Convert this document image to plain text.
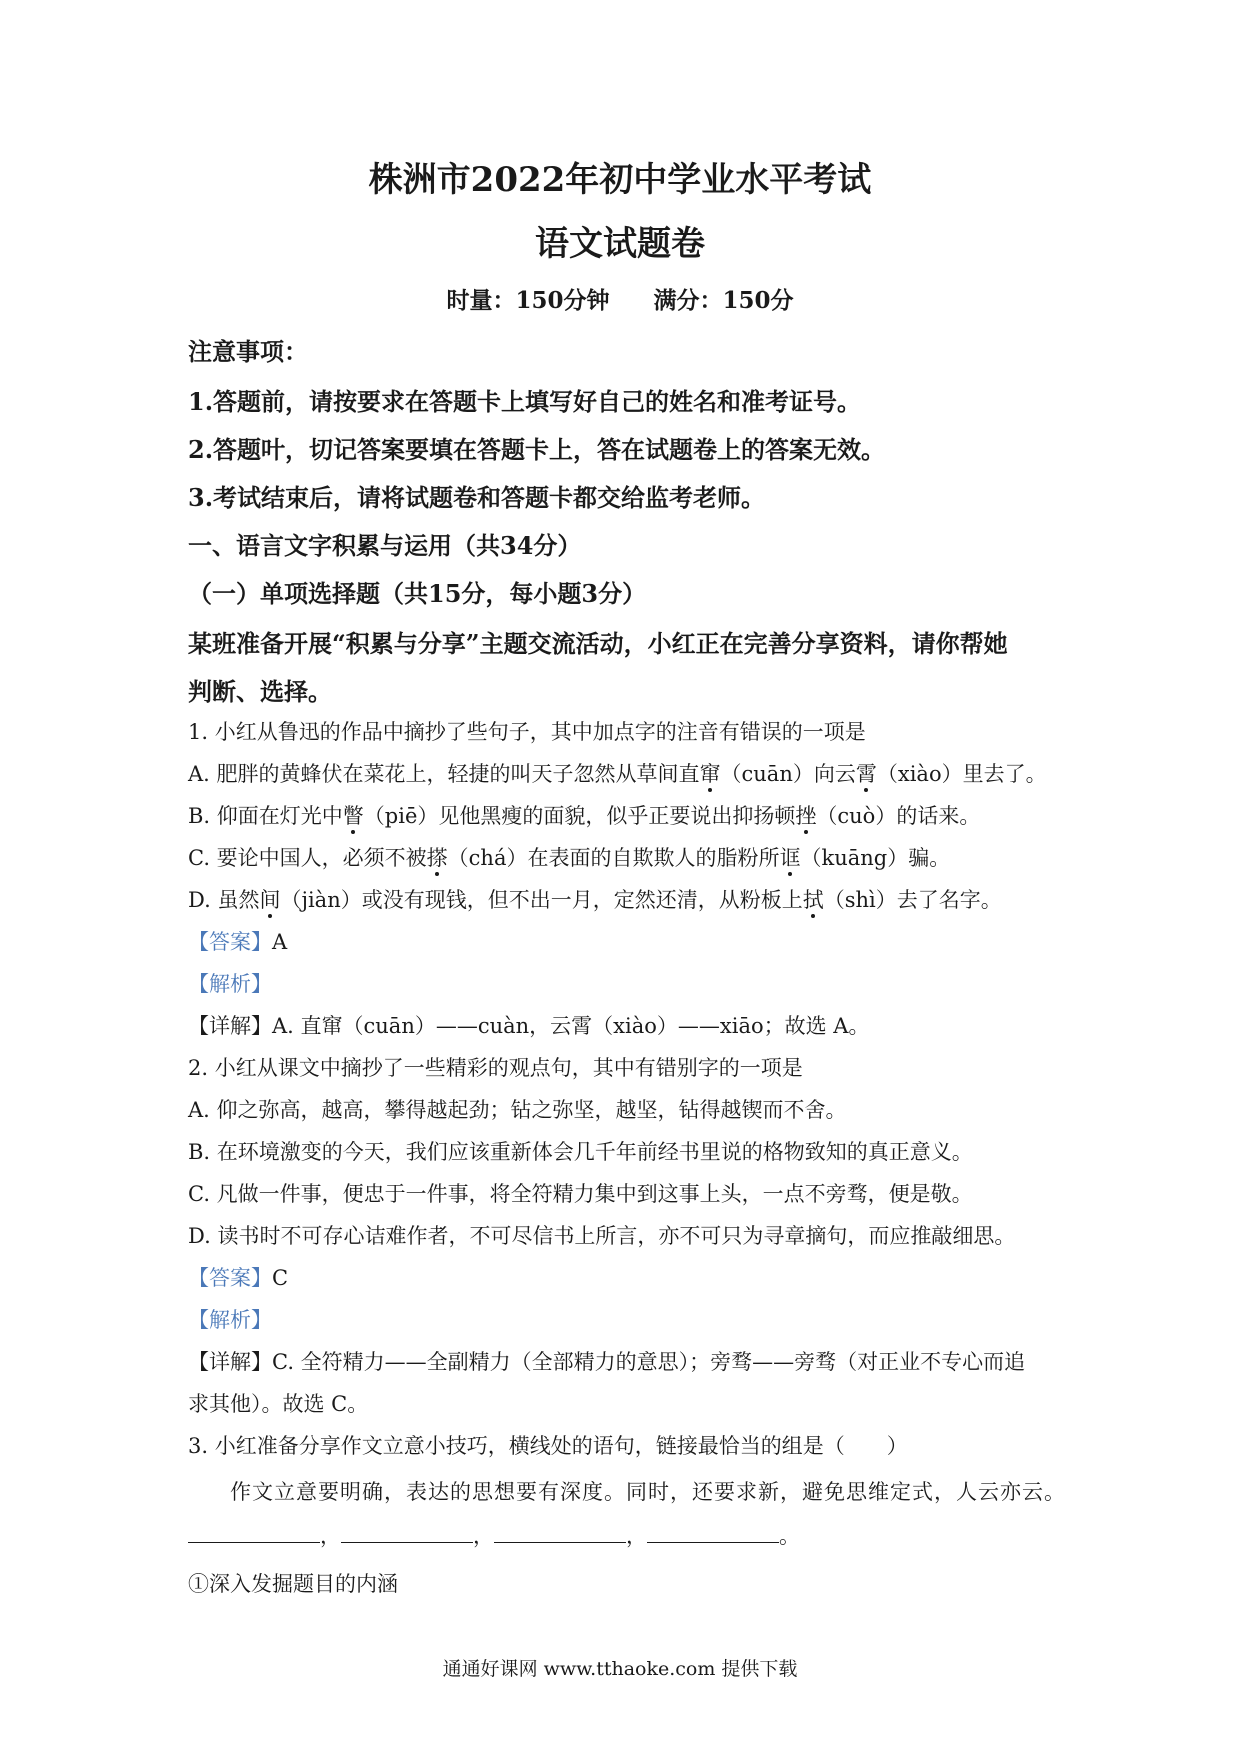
株洲市2022年初中学业水平考试
语文试题卷
时量：150分钟 满分：150分
注意事项：
1.答题前，请按要求在答题卡上填写好自己的姓名和准考证号。
2.答题叶，切记答案要填在答题卡上，答在试题卷上的答案无效。
3.考试结束后，请将试题卷和答题卡都交给监考老师。
一、语言文字积累与运用（共34分）
（一）单项选择题（共15分，每小题3分）
某班准备开展“积累与分享”主题交流活动，小红正在完善分享资料，请你帮她
判断、选择。
1. 小红从鲁迅的作品中摘抄了些句子，其中加点字的注音有错误的一项是
A. 肥胖的黄蜂伏在菜花上，轻捷的叫天子忽然从草间直窜（cuān）向云霄（xiào）里去了。
B. 仰面在灯光中瞥（piē）见他黑瘦的面貌，似乎正要说出抑扬顿挫（cuò）的话来。
C. 要论中国人，必须不被搽（chá）在表面的自欺欺人的脂粉所诓（kuāng）骗。
D. 虽然间（jiàn）或没有现钱，但不出一月，定然还清，从粉板上拭（shì）去了名字。
【答案】A
【解析】
【详解】A. 直窜（cuān）——cuàn，云霄（xiào）——xiāo；故选 A。
2. 小红从课文中摘抄了一些精彩的观点句，其中有错别字的一项是
A. 仰之弥高，越高，攀得越起劲；钻之弥坚，越坚，钻得越锲而不舍。
B. 在环境激变的今天，我们应该重新体会几千年前经书里说的格物致知的真正意义。
C. 凡做一件事，便忠于一件事，将全符精力集中到这事上头，一点不旁骛，便是敬。
D. 读书时不可存心诘难作者，不可尽信书上所言，亦不可只为寻章摘句，而应推敲细思。
【答案】C
【解析】
【详解】C. 全符精力——全副精力（全部精力的意思）；旁骛——旁骛（对正业不专心而追
求其他）。故选 C。
3. 小红准备分享作文立意小技巧，横线处的语句，链接最恰当的组是（　　）
作文立意要明确，表达的思想要有深度。同时，还要求新，避免思维定式，人云亦云。
，	，	，	。
①深入发掘题目的内涵
通通好课网 www.tthaoke.com 提供下载
